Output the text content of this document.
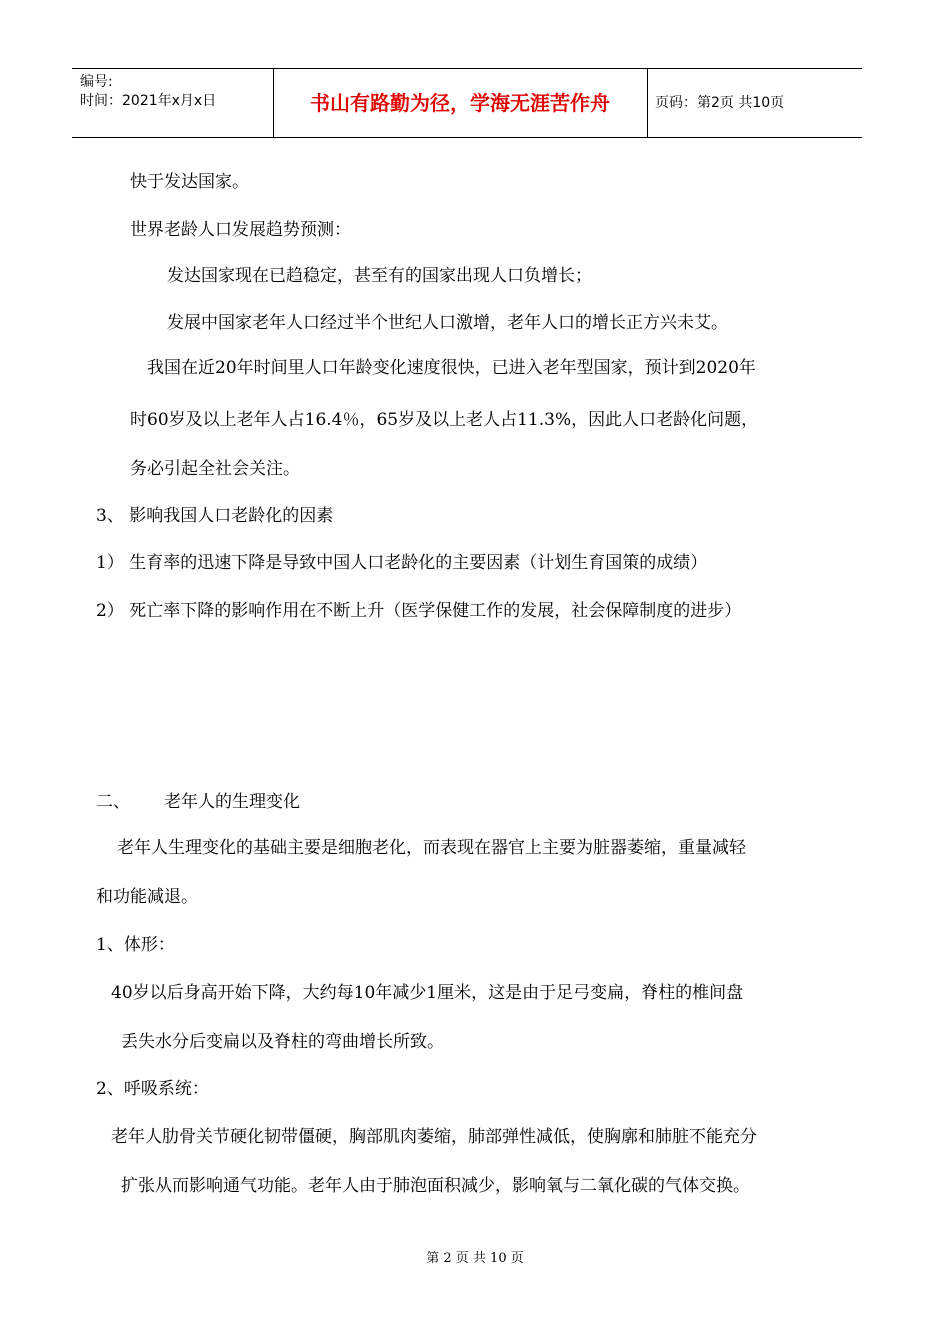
编号:
时间：2021年x月x日	书山有路勤为径，学海无涯苦作舟	页码：第2页 共10页
快于发达国家。
世界老龄人口发展趋势预测：
发达国家现在已趋稳定，甚至有的国家出现人口负增长；
发展中国家老年人口经过半个世纪人口激增，老年人口的增长正方兴未艾。
我国在近20年时间里人口年龄变化速度很快，已进入老年型国家，预计到2020年
时60岁及以上老年人占16.4％，65岁及以上老人占11.3%，因此人口老龄化问题，
务必引起全社会关注。
3、 影响我国人口老龄化的因素
1） 生育率的迅速下降是导致中国人口老龄化的主要因素（计划生育国策的成绩）
2） 死亡率下降的影响作用在不断上升（医学保健工作的发展，社会保障制度的进步）
二、 老年人的生理变化
老年人生理变化的基础主要是细胞老化，而表现在器官上主要为脏器萎缩，重量减轻
和功能减退。
1、体形：
40岁以后身高开始下降，大约每10年减少1厘米，这是由于足弓变扁，脊柱的椎间盘
丢失水分后变扁以及脊柱的弯曲增长所致。
2、呼吸系统：
老年人肋骨关节硬化韧带僵硬，胸部肌肉萎缩，肺部弹性减低，使胸廓和肺脏不能充分
扩张从而影响通气功能。老年人由于肺泡面积减少，影响氧与二氧化碳的气体交换。
第 2 页 共 10 页
